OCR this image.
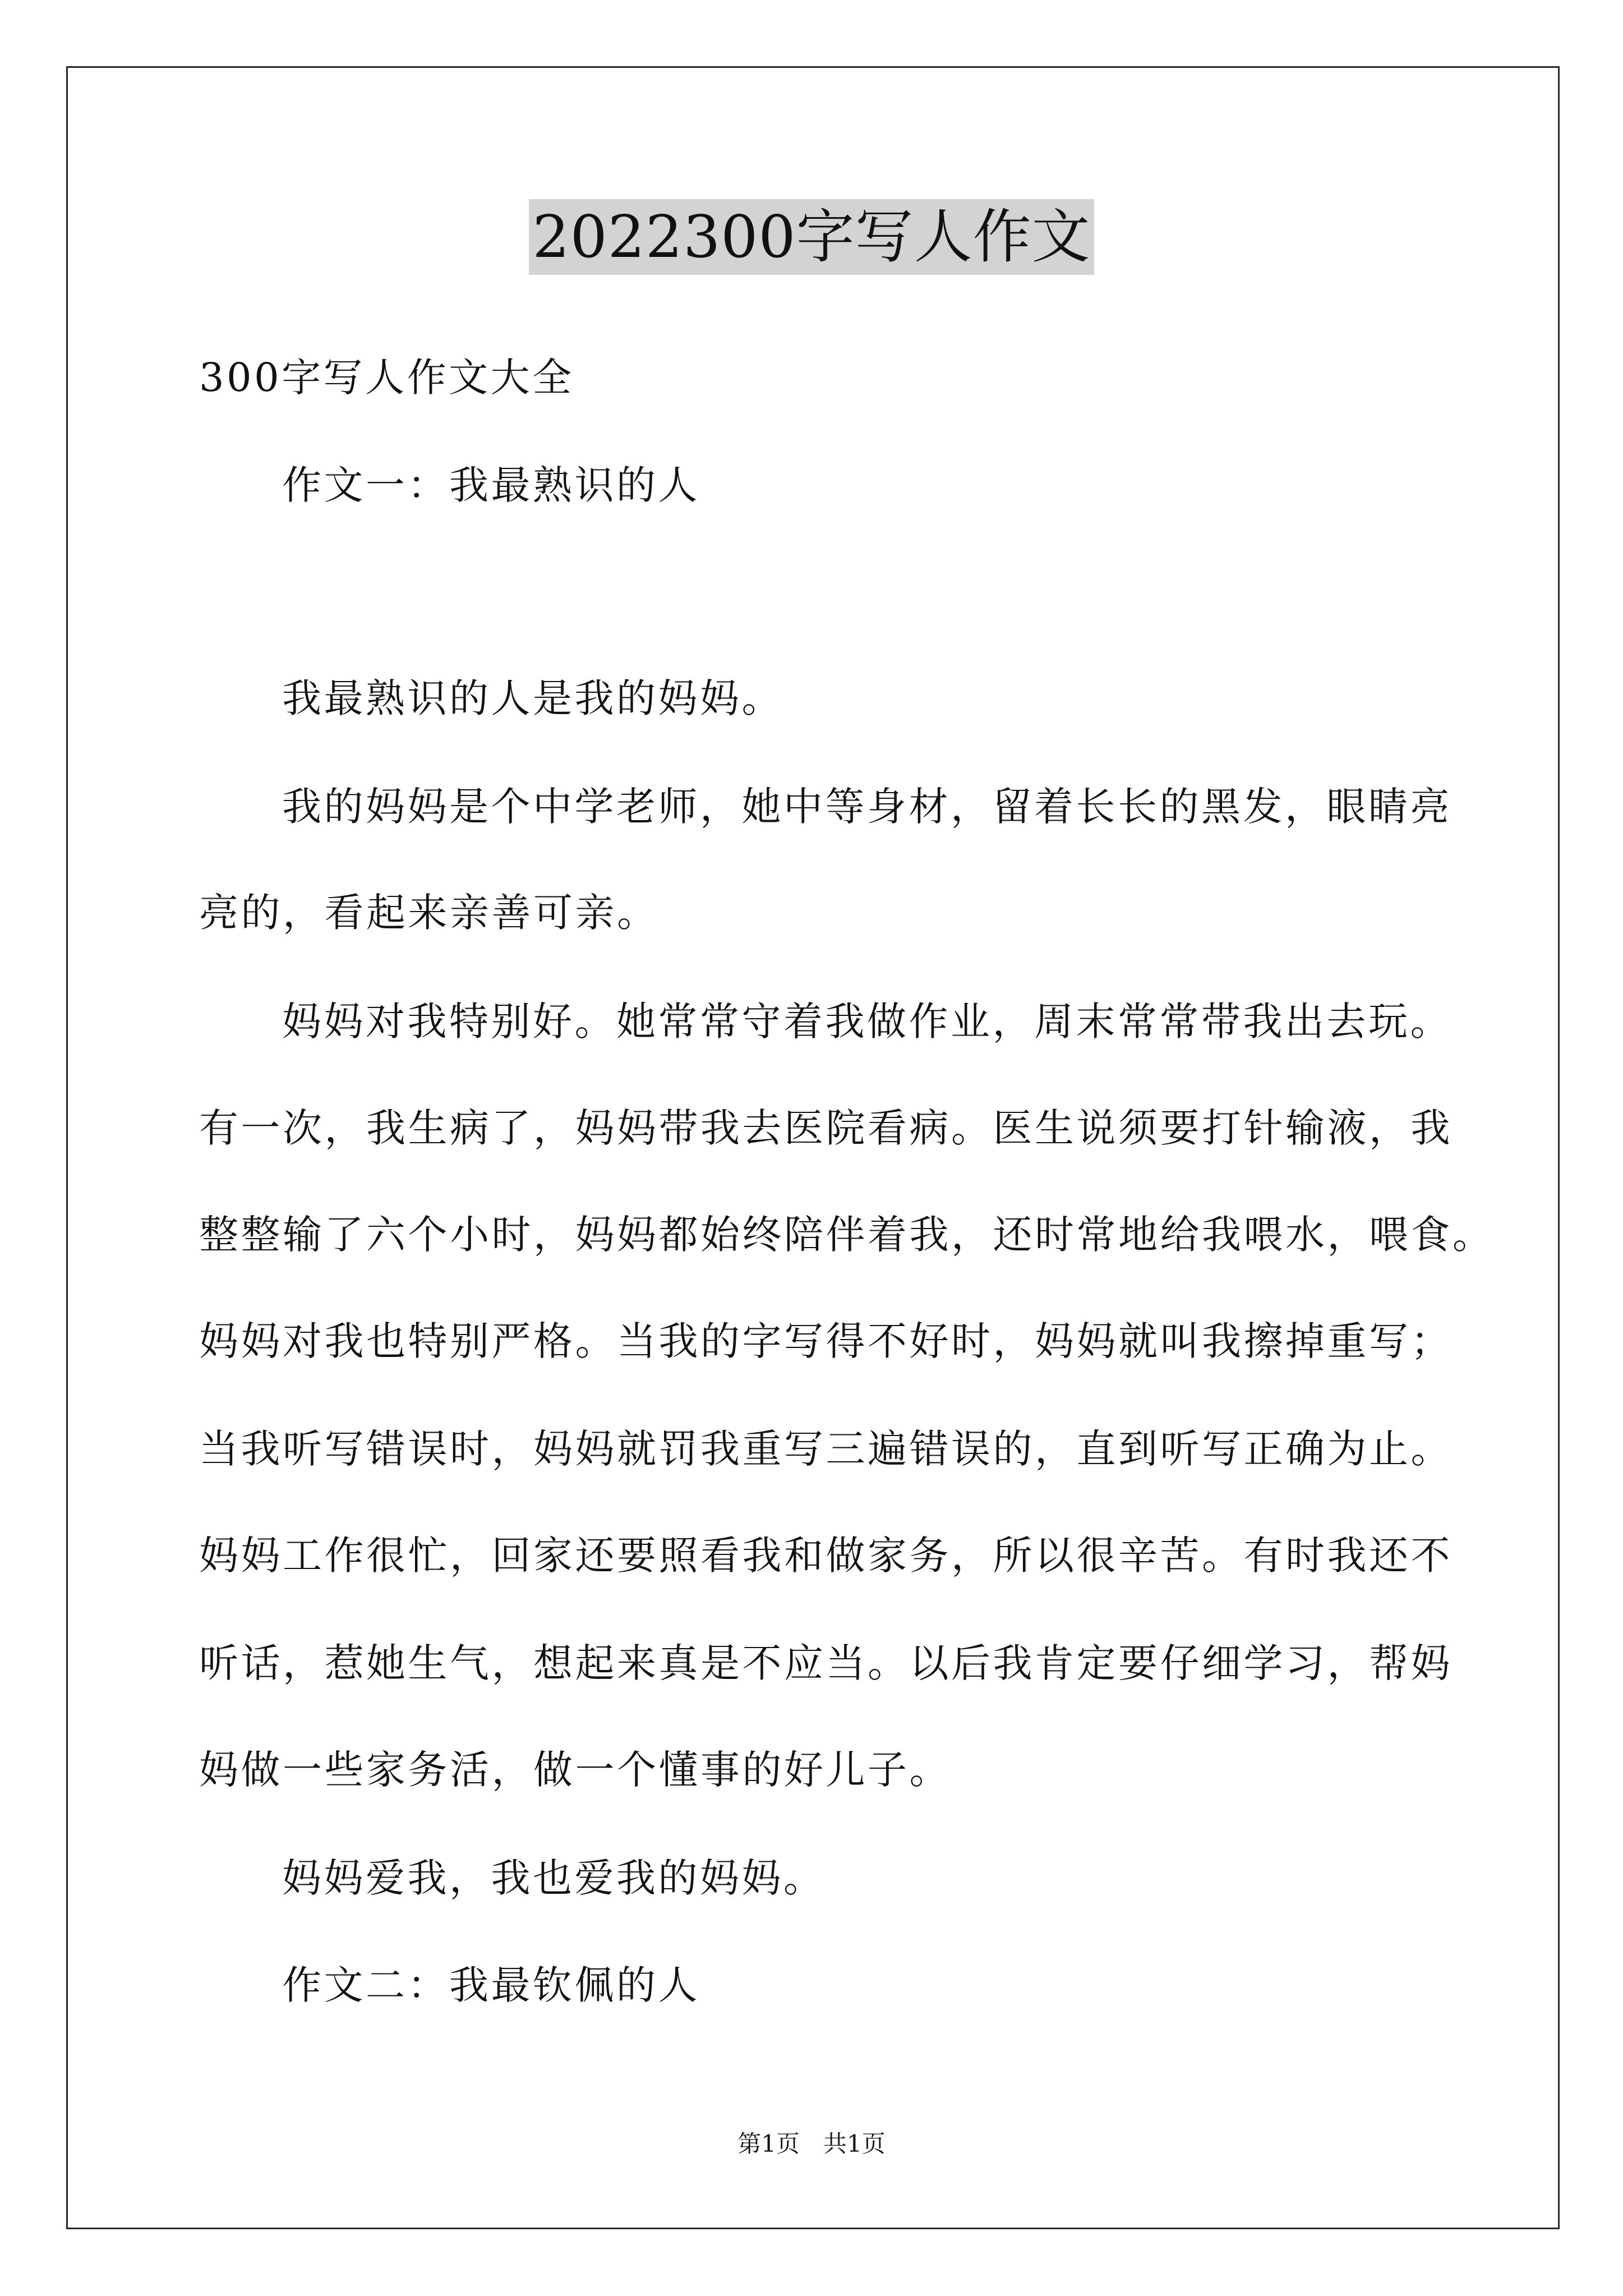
2022300字写人作文
300字写人作文大全
作文一：我最熟识的人
我最熟识的人是我的妈妈。
我的妈妈是个中学老师，她中等身材，留着长长的黑发，眼睛亮
亮的，看起来亲善可亲。
妈妈对我特别好。她常常守着我做作业，周末常常带我出去玩。
有一次，我生病了，妈妈带我去医院看病。医生说须要打针输液，我
整整输了六个小时，妈妈都始终陪伴着我，还时常地给我喂水，喂食。
妈妈对我也特别严格。当我的字写得不好时，妈妈就叫我擦掉重写；
当我听写错误时，妈妈就罚我重写三遍错误的，直到听写正确为止。
妈妈工作很忙，回家还要照看我和做家务，所以很辛苦。有时我还不
听话，惹她生气，想起来真是不应当。以后我肯定要仔细学习，帮妈
妈做一些家务活，做一个懂事的好儿子。
妈妈爱我，我也爱我的妈妈。
作文二：我最钦佩的人
第1页　共1页
